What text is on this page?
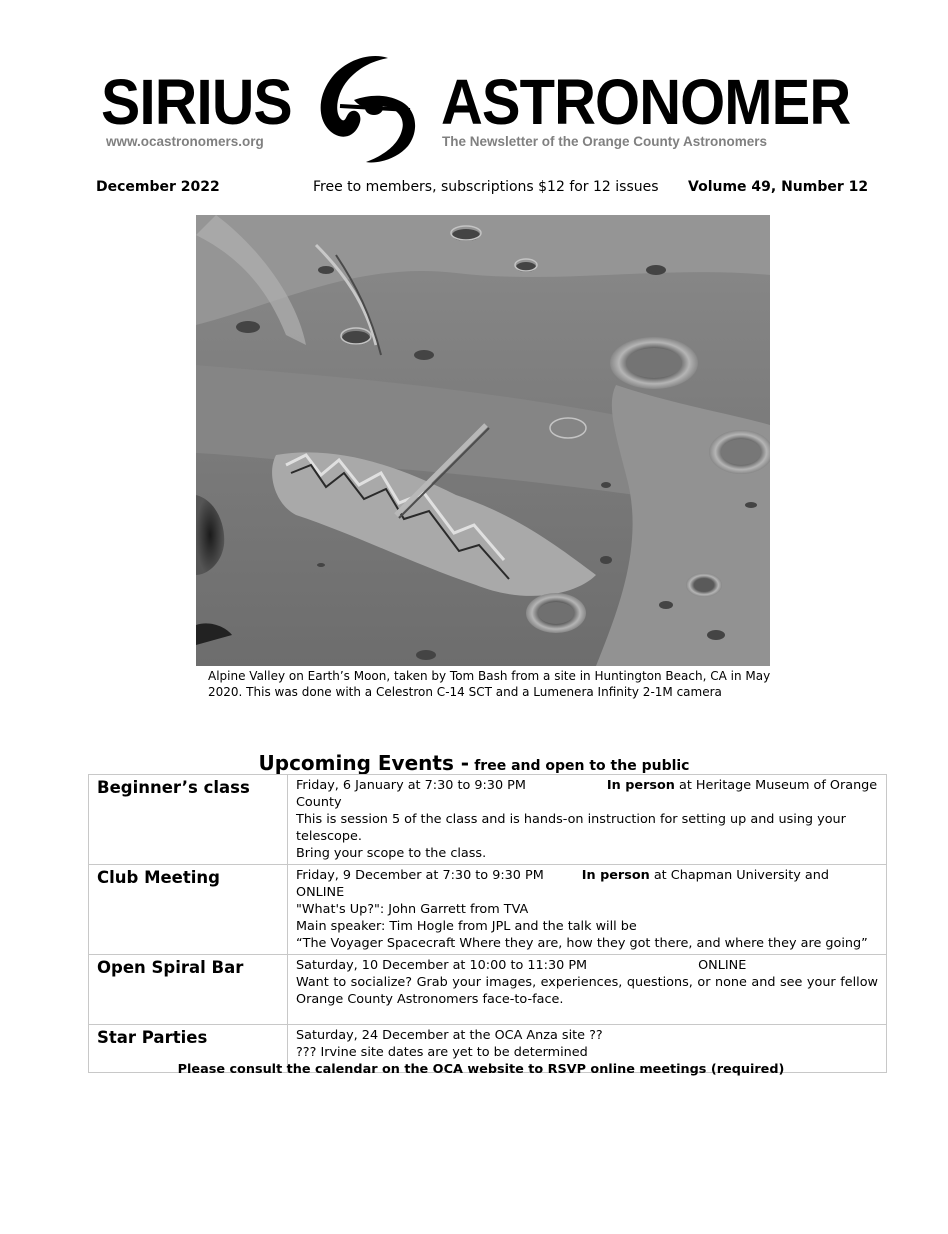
SIRIUS ASTRONOMER
www.ocastronomers.org	The Newsletter of the Orange County Astronomers
December 2022	Free to members, subscriptions $12 for 12 issues Volume 49, Number 12
Alpine Valley on Earth’s Moon, taken by Tom Bash from a site in Huntington Beach, CA in May
2020. This was done with a Celestron C-14 SCT and a Lumenera Infinity 2-1M camera
Upcoming Events - free and open to the public
Beginner’s class	Friday, 6 January at 7:30 to 9:30 PM In person at Heritage Museum of Orange County
This is session 5 of the class and is hands-on instruction for setting up and using your telescope.
Bring your scope to the class.

Club Meeting	Friday, 9 December at 7:30 to 9:30 PM In person at Chapman University and ONLINE
"What's Up?": John Garrett from TVA
Main speaker: Tim Hogle from JPL and the talk will be
“The Voyager Spacecraft Where they are, how they got there, and where they are going”

Open Spiral Bar	Saturday, 10 December at 10:00 to 11:30 PM ONLINE
Want to socialize? Grab your images, experiences, questions, or none and see your fellow Orange County Astronomers face-to-face.

Star Parties	Saturday, 24 December at the OCA Anza site ??
??? Irvine site dates are yet to be determined
Please consult the calendar on the OCA website to RSVP online meetings (required)
